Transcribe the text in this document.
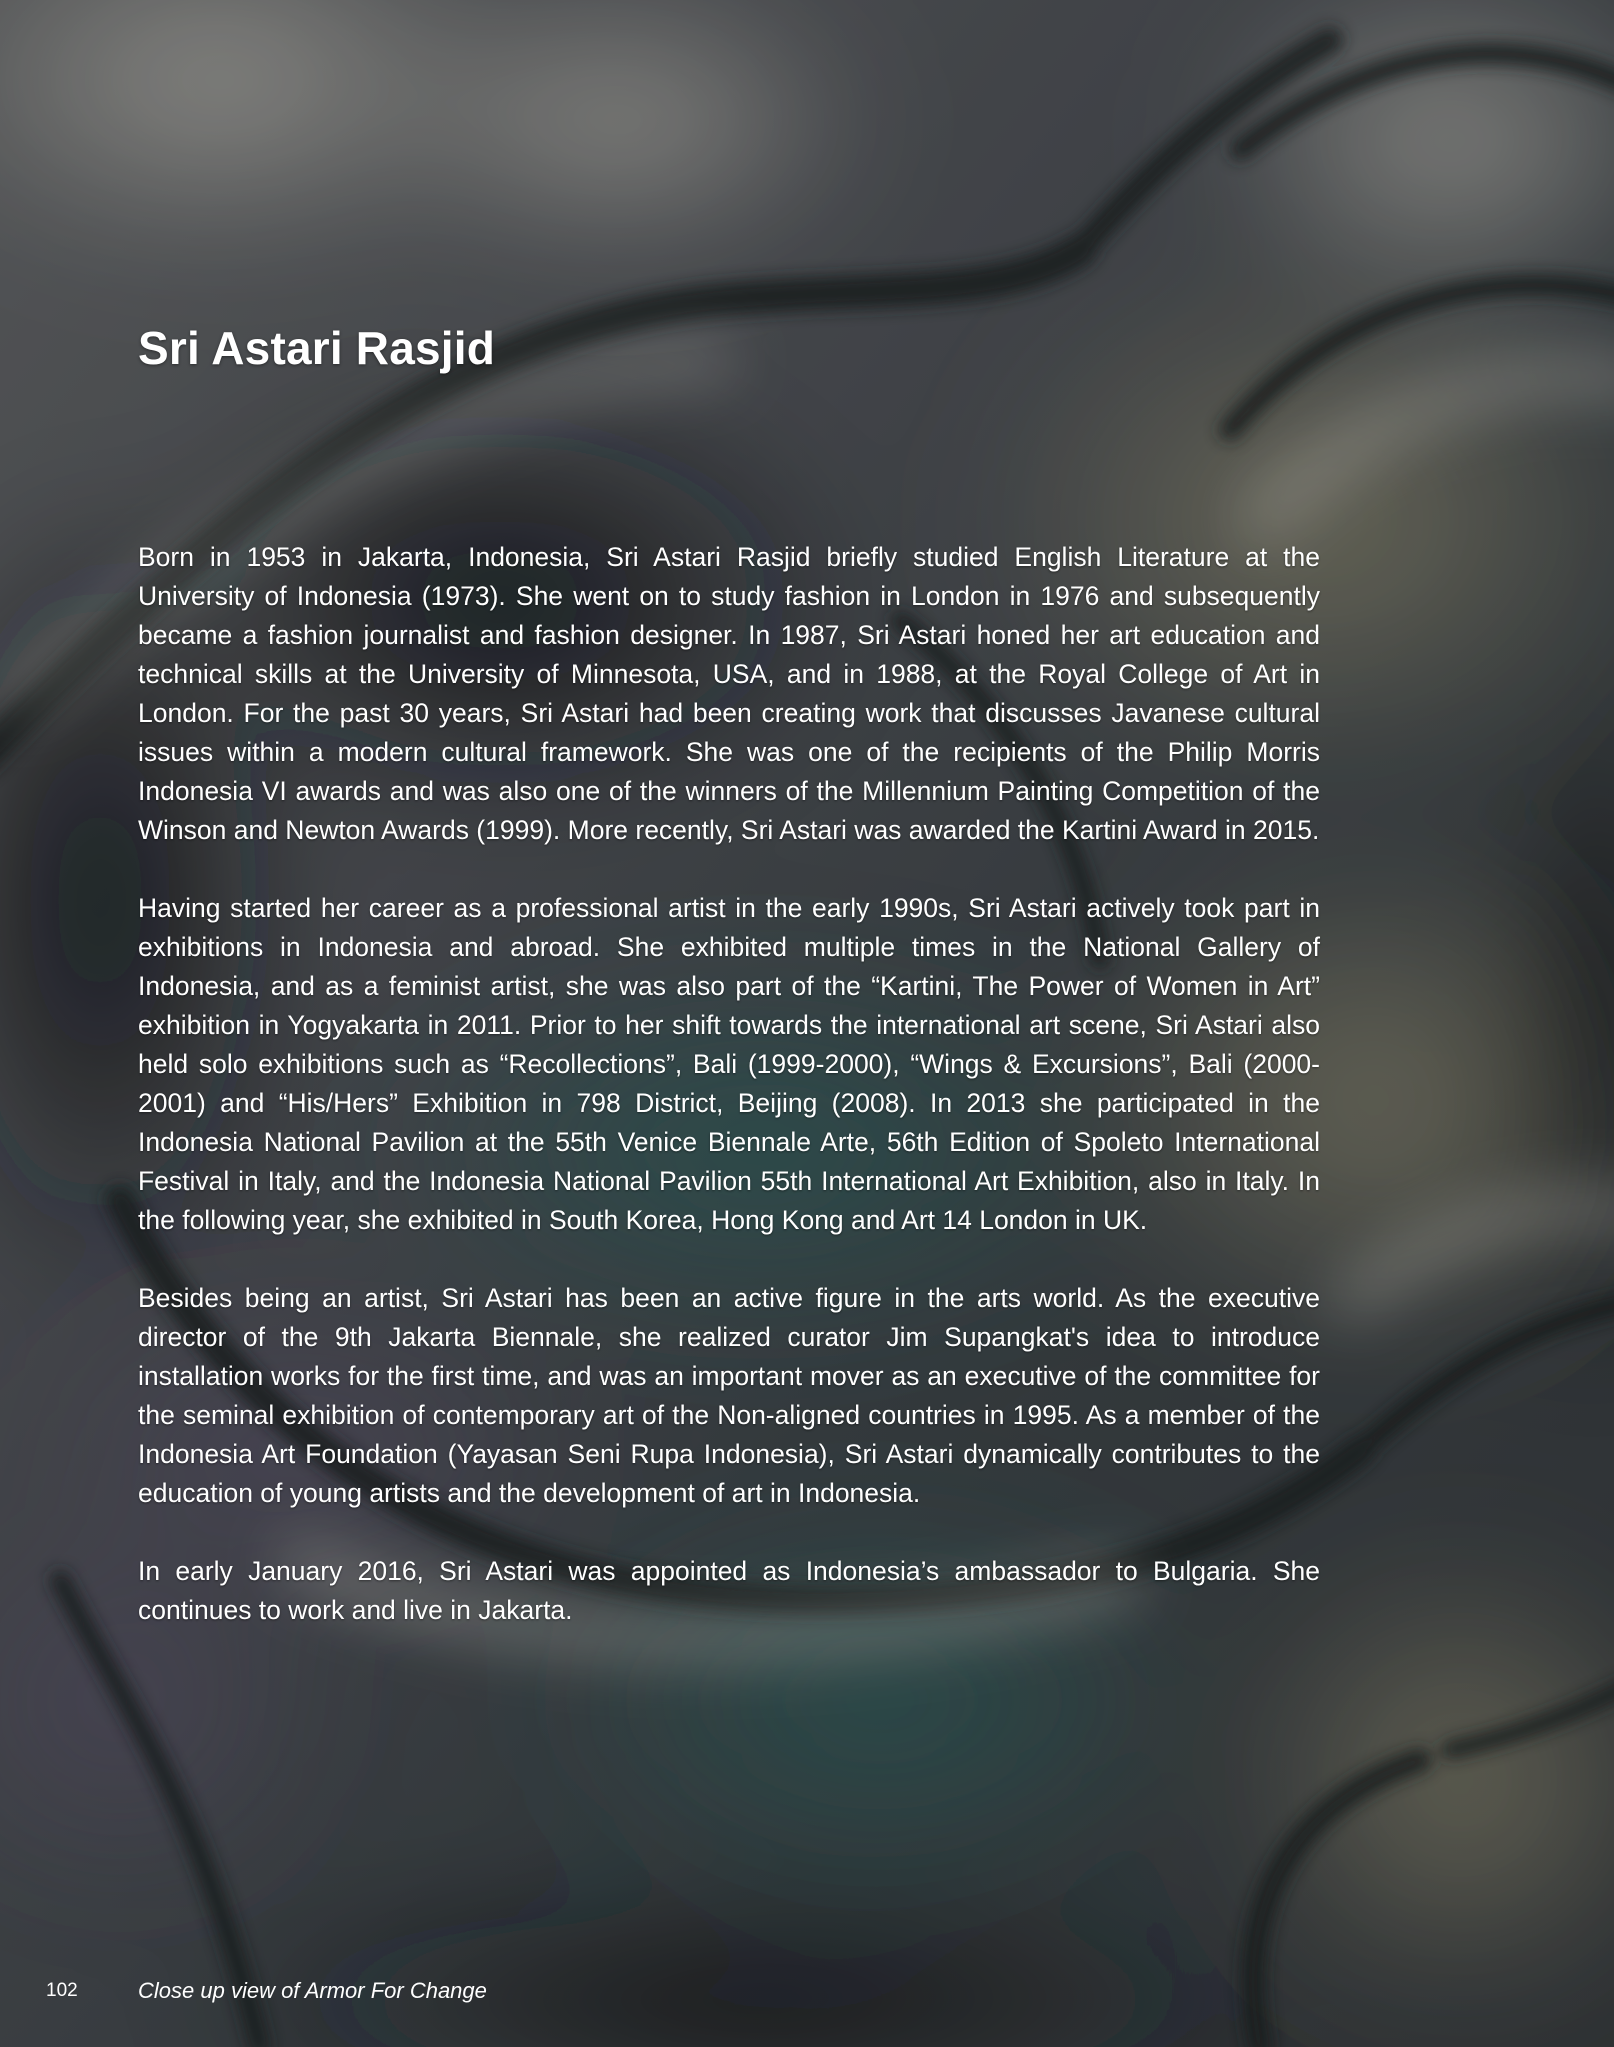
Sri Astari Rasjid

Born in 1953 in Jakarta, Indonesia, Sri Astari Rasjid briefly studied English Literature at the University of Indonesia (1973). She went on to study fashion in London in 1976 and subsequently became a fashion journalist and fashion designer. In 1987, Sri Astari honed her art education and technical skills at the University of Minnesota, USA, and in 1988, at the Royal College of Art in London. For the past 30 years, Sri Astari had been creating work that discusses Javanese cultural issues within a modern cultural framework. She was one of the recipients of the Philip Morris Indonesia VI awards and was also one of the winners of the Millennium Painting Competition of the Winson and Newton Awards (1999). More recently, Sri Astari was awarded the Kartini Award in 2015.

Having started her career as a professional artist in the early 1990s, Sri Astari actively took part in exhibitions in Indonesia and abroad. She exhibited multiple times in the National Gallery of Indonesia, and as a feminist artist, she was also part of the “Kartini, The Power of Women in Art” exhibition in Yogyakarta in 2011. Prior to her shift towards the international art scene, Sri Astari also held solo exhibitions such as “Recollections”, Bali (1999-2000), “Wings & Excursions”, Bali (2000-2001) and “His/Hers” Exhibition in 798 District, Beijing (2008). In 2013 she participated in the Indonesia National Pavilion at the 55th Venice Biennale Arte, 56th Edition of Spoleto International Festival in Italy, and the Indonesia National Pavilion 55th International Art Exhibition, also in Italy. In the following year, she exhibited in South Korea, Hong Kong and Art 14 London in UK.

Besides being an artist, Sri Astari has been an active figure in the arts world. As the executive director of the 9th Jakarta Biennale, she realized curator Jim Supangkat's idea to introduce installation works for the first time, and was an important mover as an executive of the committee for the seminal exhibition of contemporary art of the Non-aligned countries in 1995. As a member of the Indonesia Art Foundation (Yayasan Seni Rupa Indonesia), Sri Astari dynamically contributes to the education of young artists and the development of art in Indonesia.

In early January 2016, Sri Astari was appointed as Indonesia’s ambassador to Bulgaria. She continues to work and live in Jakarta.

102	Close up view of Armor For Change
